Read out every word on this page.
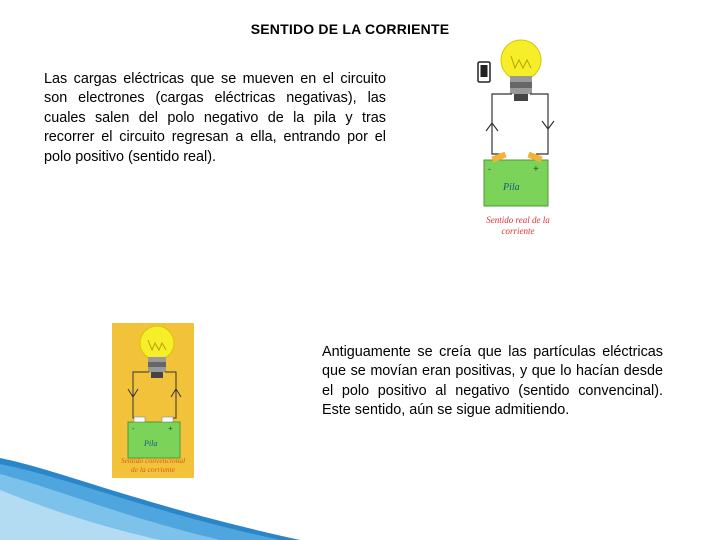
SENTIDO DE LA CORRIENTE
Las cargas eléctricas que se mueven en el circuito son electrones (cargas eléctricas negativas), las cuales salen del polo negativo de la pila y tras recorrer el circuito regresan a ella, entrando por el polo positivo (sentido real).
-	+
Pila
Sentido real de la
corriente
-	+
Pila
Sentido convencional
de la corriente
Antiguamente se creía que las partículas eléctricas que se movían eran positivas, y que lo hacían desde el polo positivo al negativo (sentido convencinal). Este sentido, aún se sigue admitiendo.
